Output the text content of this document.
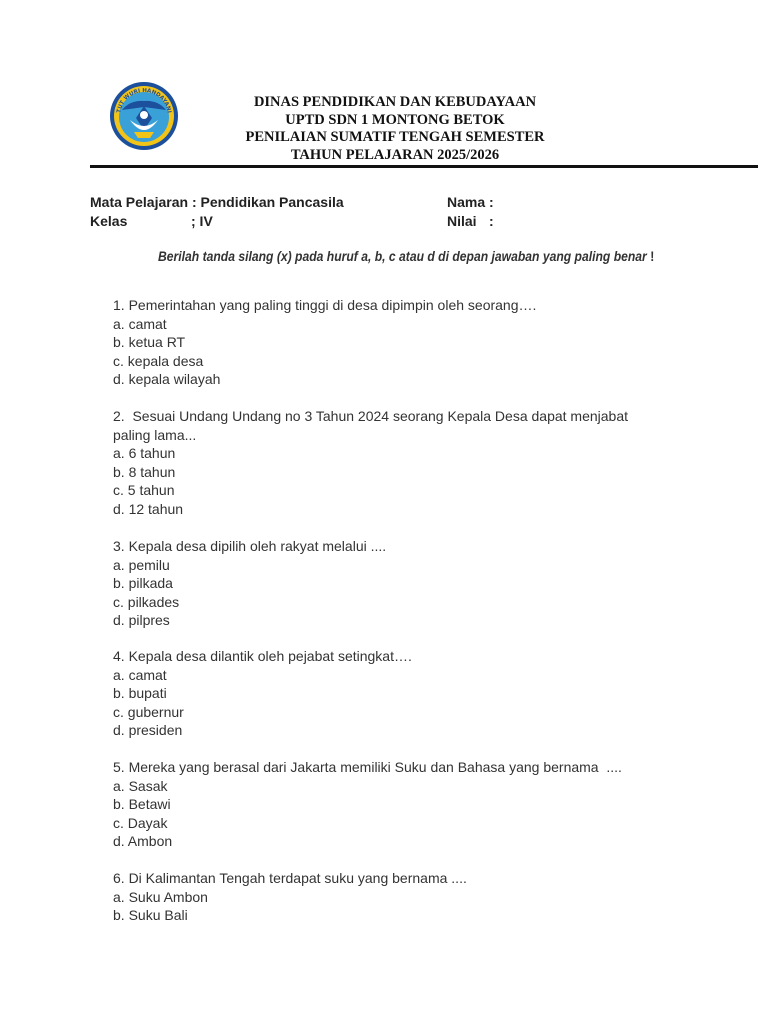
TUT WURI HANDAYANI
DINAS PENDIDIKAN DAN KEBUDAYAAN
UPTD SDN 1 MONTONG BETOK
PENILAIAN SUMATIF TENGAH SEMESTER
TAHUN PELAJARAN 2025/2026
Mata Pelajaran : Pendidikan Pancasila
Kelas	; IV
Nama :
Nilai :
Berilah tanda silang (x) pada huruf a, b, c atau d di depan jawaban yang paling benar !
1. Pemerintahan yang paling tinggi di desa dipimpin oleh seorang….
a. camat
b. ketua RT
c. kepala desa
d. kepala wilayah
2.  Sesuai Undang Undang no 3 Tahun 2024 seorang Kepala Desa dapat menjabat paling lama...
a. 6 tahun
b. 8 tahun
c. 5 tahun
d. 12 tahun
3. Kepala desa dipilih oleh rakyat melalui ....
a. pemilu
b. pilkada
c. pilkades
d. pilpres
4. Kepala desa dilantik oleh pejabat setingkat….
a. camat
b. bupati
c. gubernur
d. presiden
5. Mereka yang berasal dari Jakarta memiliki Suku dan Bahasa yang bernama  ....
a. Sasak
b. Betawi
c. Dayak
d. Ambon
6. Di Kalimantan Tengah terdapat suku yang bernama ....
a. Suku Ambon
b. Suku Bali
